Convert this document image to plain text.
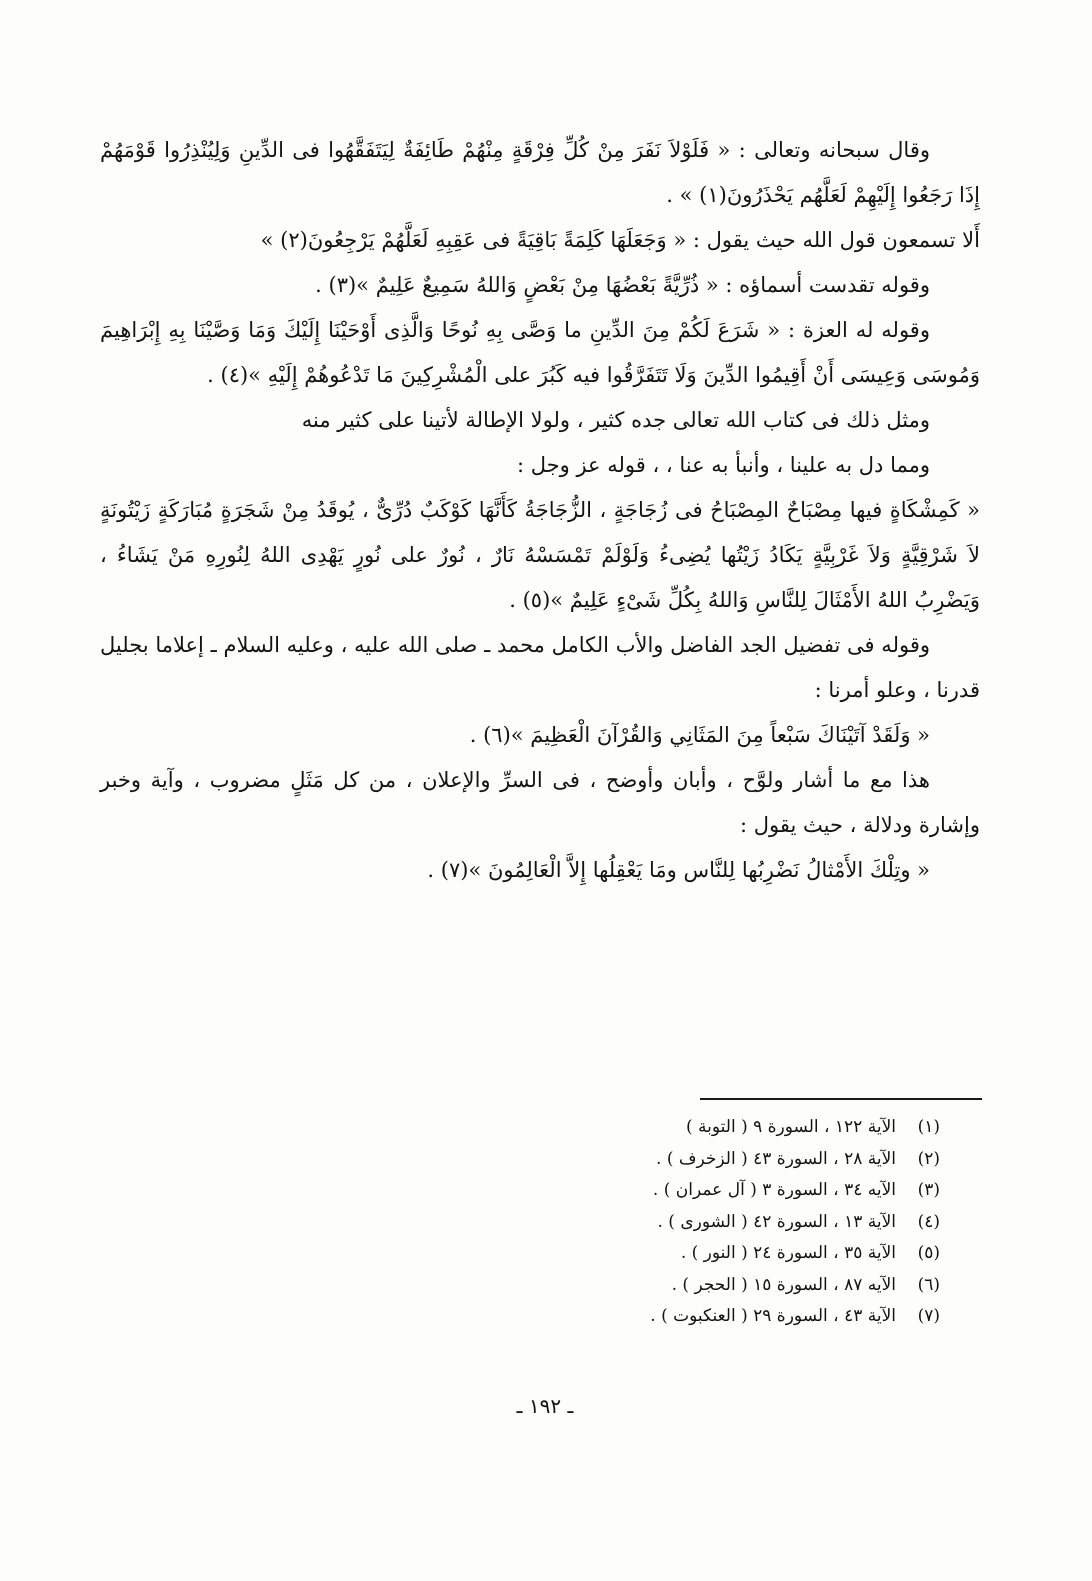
وقال سبحانه وتعالى : « فَلَوْلاَ نَفَرَ مِنْ كُلِّ فِرْقَةٍ مِنْهُمْ طَائِفَةٌ لِيَتَفَقَّهُوا فى الدِّينِ وَلِيُنْذِرُوا قَوْمَهُمْ إِذَا رَجَعُوا إِلَيْهِمْ لَعَلَّهُم يَحْذَرُونَ(١) » .

أَلا تسمعون قول الله حيث يقول : « وَجَعَلَهَا كَلِمَةً بَاقِيَةً فى عَقِبِهِ لَعَلَّهُمْ يَرْجِعُونَ(٢) »

وقوله تقدست أسماؤه : « ذُرِّيَّةً بَعْضُهَا مِنْ بَعْضٍ وَاللهُ سَمِيعٌ عَلِيمٌ »(٣) .

وقوله له العزة : « شَرَعَ لَكُمْ مِنَ الدِّينِ ما وَصَّى بِهِ نُوحًا وَالَّذِى أَوْحَيْنَا إِلَيْكَ وَمَا وَصَّيْنَا بِهِ إِبْرَاهِيمَ وَمُوسَى وَعِيسَى أَنْ أَقِيمُوا الدِّينَ وَلَا تَتَفَرَّقُوا فيه كَبُرَ على الْمُشْرِكِينَ مَا تَدْعُوهُمْ إِلَيْهِ »(٤) .

ومثل ذلك فى كتاب الله تعالى جده كثير ، ولولا الإطالة لأتينا على كثير منه

ومما دل به علينا ، وأنبأ به عنا ، ، قوله عز وجل :

« كَمِشْكَاةٍ فيها مِصْبَاحٌ المِصْبَاحُ فى زُجَاجَةٍ ، الزُّجَاجَةُ كَأَنَّهَا كَوْكَبٌ دُرِّىٌّ ، يُوقَدُ مِنْ شَجَرَةٍ مُبَارَكَةٍ زَيْتُونَةٍ لاَ شَرْقِيَّةٍ وَلاَ غَرْبِيَّةٍ يَكَادُ زَيْتُها يُضِىءُ وَلَوْلَمْ تَمْسَسْهُ نَارٌ ، نُورٌ على نُورٍ يَهْدِى اللهُ لِنُورِهِ مَنْ يَشَاءُ ، وَيَضْرِبُ اللهُ الأَمْثَالَ لِلنَّاسِ وَاللهُ بِكُلِّ شَىْءٍ عَلِيمٌ »(٥) .

وقوله فى تفضيل الجد الفاضل والأب الكامل محمد ـ صلى الله عليه ، وعليه السلام ـ إعلاما بجليل قدرنا ، وعلو أمرنا :

« وَلَقَدْ آتَيْنَاكَ سَبْعاً مِنَ المَثَانِي وَالقُرْآنَ الْعَظِيمَ »(٦) .

هذا مع ما أشار ولوَّح ، وأبان وأوضح ، فى السرِّ والإعلان ، من كل مَثَلٍ مضروب ، وآية وخبر وإشارة ودلالة ، حيث يقول :

« وتِلْكَ الأَمْثالُ نَضْرِبُها لِلنَّاس ومَا يَعْقِلُها إِلاَّ الْعَالِمُونَ »(٧) .

(١)
الآية ١٢٢ ، السورة ٩ ( التوبة )
(٢)
الآية ٢٨ ، السورة ٤٣ ( الزخرف ) .
(٣)
الآيه ٣٤ ، السورة ٣ ( آل عمران ) .
(٤)
الآية ١٣ ، السورة ٤٢ ( الشورى ) .
(٥)
الآية ٣٥ ، السورة ٢٤ ( النور ) .
(٦)
الآيه ٨٧ ، السورة ١٥ ( الحجر ) .
(٧)
الآية ٤٣ ، السورة ٢٩ ( العنكبوت ) .
ـ ١٩٢ ـ
